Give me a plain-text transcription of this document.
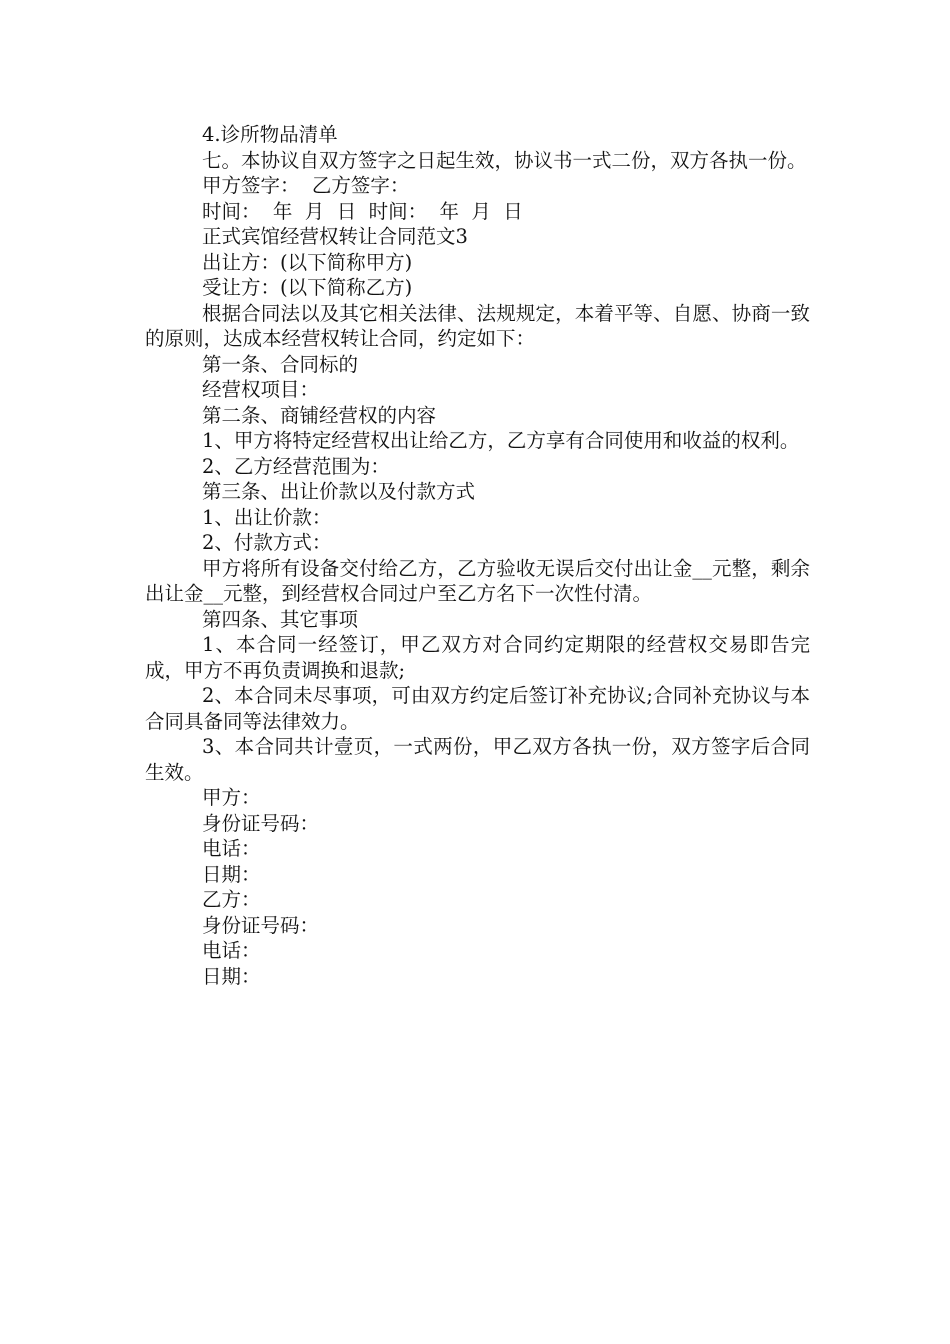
4.诊所物品清单

七。本协议自双方签字之日起生效，协议书一式二份，双方各执一份。

甲方签字：  乙方签字：

时间：  年  月  日  时间：  年  月  日

正式宾馆经营权转让合同范文3

出让方：(以下简称甲方)

受让方：(以下简称乙方)

根据合同法以及其它相关法律、法规规定，本着平等、自愿、协商一致的原则，达成本经营权转让合同，约定如下：

第一条、合同标的

经营权项目：

第二条、商铺经营权的内容

1、甲方将特定经营权出让给乙方，乙方享有合同使用和收益的权利。

2、乙方经营范围为：

第三条、出让价款以及付款方式

1、出让价款：

2、付款方式：

甲方将所有设备交付给乙方，乙方验收无误后交付出让金__元整，剩余出让金__元整，到经营权合同过户至乙方名下一次性付清。

第四条、其它事项

1、本合同一经签订，甲乙双方对合同约定期限的经营权交易即告完成，甲方不再负责调换和退款;

2、本合同未尽事项，可由双方约定后签订补充协议;合同补充协议与本合同具备同等法律效力。

3、本合同共计壹页，一式两份，甲乙双方各执一份，双方签字后合同生效。

甲方：

身份证号码：

电话：

日期：

乙方：

身份证号码：

电话：

日期：
